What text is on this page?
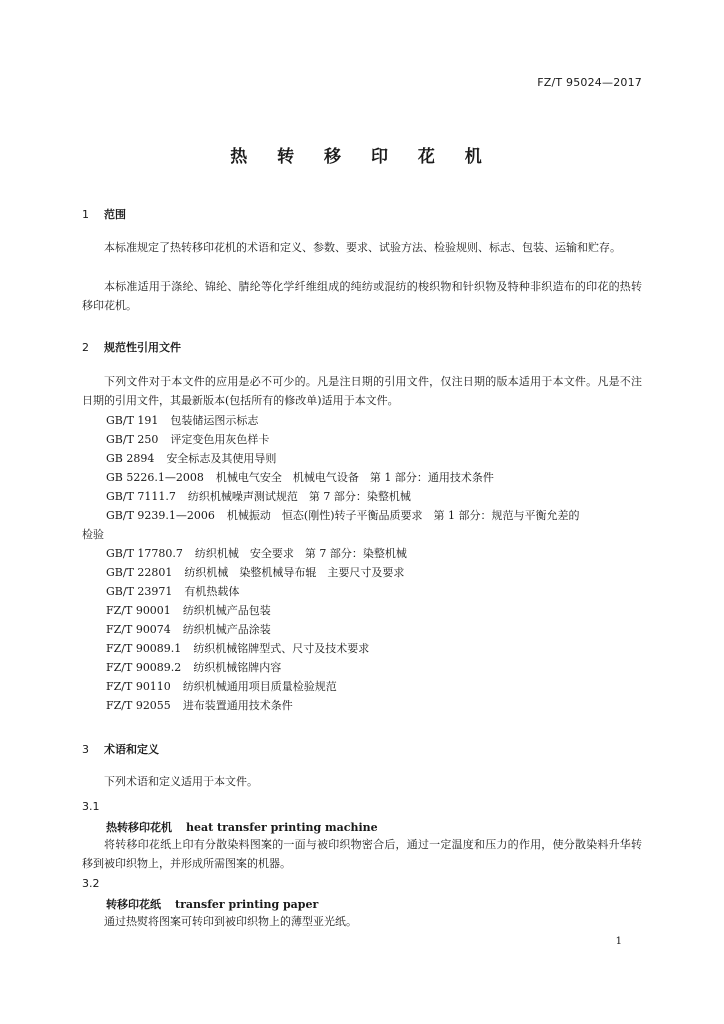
FZ/T 95024—2017
热 转 移 印 花 机
1 范围
本标准规定了热转移印花机的术语和定义、参数、要求、试验方法、检验规则、标志、包装、运输和贮存。
本标准适用于涤纶、锦纶、腈纶等化学纤维组成的纯纺或混纺的梭织物和针织物及特种非织造布的印花的热转移印花机。
2 规范性引用文件
下列文件对于本文件的应用是必不可少的。凡是注日期的引用文件，仅注日期的版本适用于本文件。凡是不注日期的引用文件，其最新版本(包括所有的修改单)适用于本文件。
GB/T 191 包装储运图示标志
GB/T 250 评定变色用灰色样卡
GB 2894 安全标志及其使用导则
GB 5226.1—2008 机械电气安全　机械电气设备　第 1 部分：通用技术条件
GB/T 7111.7 纺织机械噪声测试规范　第 7 部分：染整机械
GB/T 9239.1—2006 机械振动　恒态(刚性)转子平衡品质要求　第 1 部分：规范与平衡允差的
检验
GB/T 17780.7 纺织机械　安全要求　第 7 部分：染整机械
GB/T 22801 纺织机械　染整机械导布辊　主要尺寸及要求
GB/T 23971 有机热载体
FZ/T 90001 纺织机械产品包装
FZ/T 90074 纺织机械产品涂装
FZ/T 90089.1 纺织机械铭牌型式、尺寸及技术要求
FZ/T 90089.2 纺织机械铭牌内容
FZ/T 90110 纺织机械通用项目质量检验规范
FZ/T 92055 进布装置通用技术条件
3 术语和定义
下列术语和定义适用于本文件。
3.1
热转移印花机 heat transfer printing machine
将转移印花纸上印有分散染料图案的一面与被印织物密合后，通过一定温度和压力的作用，使分散染料升华转移到被印织物上，并形成所需图案的机器。
3.2
转移印花纸 transfer printing paper
通过热熨将图案可转印到被印织物上的薄型亚光纸。
1
